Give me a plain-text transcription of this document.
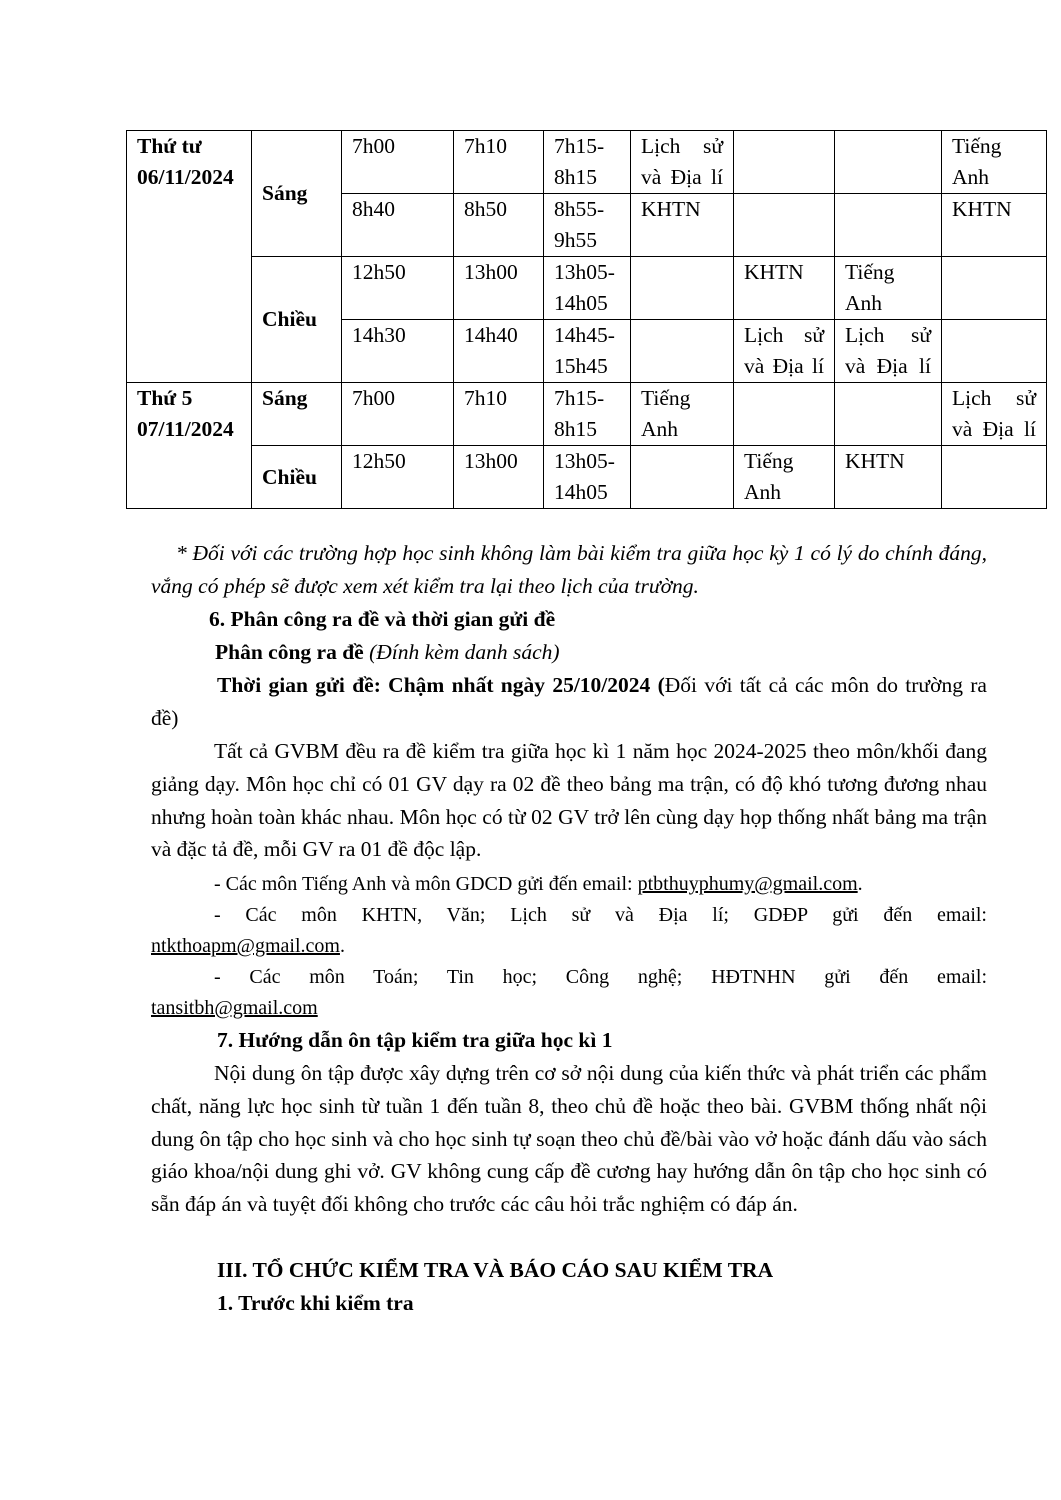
Thứ tư 06/11/2024	Sáng	7h00	7h10	7h15- 8h15	Lịch sử và Địa lí			Tiếng Anh
		8h40	8h50	8h55- 9h55	KHTN			KHTN
	Chiều	12h50	13h00	13h05- 14h05		KHTN	Tiếng Anh	
		14h30	14h40	14h45- 15h45		Lịch sử và Địa lí	Lịch sử và Địa lí	
Thứ 5 07/11/2024	Sáng	7h00	7h10	7h15- 8h15	Tiếng Anh			Lịch sử và Địa lí
	Chiều	12h50	13h00	13h05- 14h05		Tiếng Anh	KHTN	
* Đối với các trường hợp học sinh không làm bài kiểm tra giữa học kỳ 1 có lý do chính đáng, vắng có phép sẽ được xem xét kiểm tra lại theo lịch của trường.
6. Phân công ra đề và thời gian gửi đề
Phân công ra đề (Đính kèm danh sách)
Thời gian gửi đề: Chậm nhất ngày 25/10/2024 (Đối với tất cả các môn do trường ra đề)
Tất cả GVBM đều ra đề kiểm tra giữa học kì 1 năm học 2024-2025 theo môn/khối đang giảng dạy. Môn học chỉ có 01 GV dạy ra 02 đề theo bảng ma trận, có độ khó tương đương nhau nhưng hoàn toàn khác nhau. Môn học có từ 02 GV trở lên cùng dạy họp thống nhất bảng ma trận và đặc tả đề, mỗi GV ra 01 đề độc lập.
- Các môn Tiếng Anh và môn GDCD gửi đến email: ptbthuyphumy@gmail.com.
- Các môn KHTN, Văn; Lịch sử và Địa lí; GDĐP gửi đến email:
ntkthoapm@gmail.com.
- Các môn Toán; Tin học; Công nghệ; HĐTNHN gửi đến email:
tansitbh@gmail.com
7. Hướng dẫn ôn tập kiểm tra giữa học kì 1
Nội dung ôn tập được xây dựng trên cơ sở nội dung của kiến thức và phát triển các phẩm chất, năng lực học sinh từ tuần 1 đến tuần 8, theo chủ đề hoặc theo bài. GVBM thống nhất nội dung ôn tập cho học sinh và cho học sinh tự soạn theo chủ đề/bài vào vở hoặc đánh dấu vào sách giáo khoa/nội dung ghi vở. GV không cung cấp đề cương hay hướng dẫn ôn tập cho học sinh có sẵn đáp án và tuyệt đối không cho trước các câu hỏi trắc nghiệm có đáp án.
III. TỔ CHỨC KIỂM TRA VÀ BÁO CÁO SAU KIỂM TRA
1. Trước khi kiểm tra
